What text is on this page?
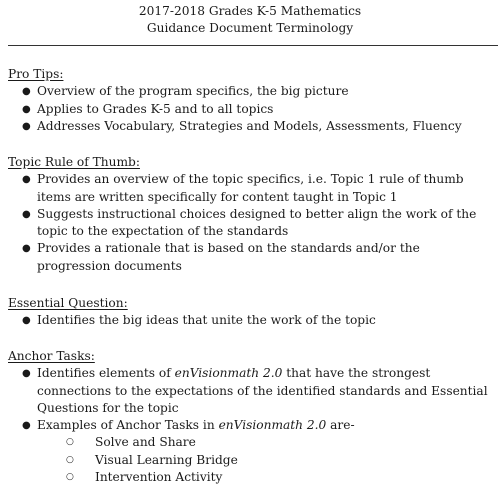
2017-2018 Grades K-5 Mathematics
Guidance Document Terminology

Pro Tips:

● Overview of the program specifics, the big picture
● Applies to Grades K-5 and to all topics
● Addresses Vocabulary, Strategies and Models, Assessments, Fluency

Topic Rule of Thumb:

● Provides an overview of the topic specifics, i.e. Topic 1 rule of thumb items are written specifically for content taught in Topic 1
● Suggests instructional choices designed to better align the work of the topic to the expectation of the standards
● Provides a rationale that is based on the standards and/or the progression documents

Essential Question:

● Identifies the big ideas that unite the work of the topic

Anchor Tasks:

● Identifies elements of enVisionmath 2.0 that have the strongest connections to the expectations of the identified standards and Essential Questions for the topic
● Examples of Anchor Tasks in enVisionmath 2.0 are-
○ Solve and Share
○ Visual Learning Bridge
○ Intervention Activity
